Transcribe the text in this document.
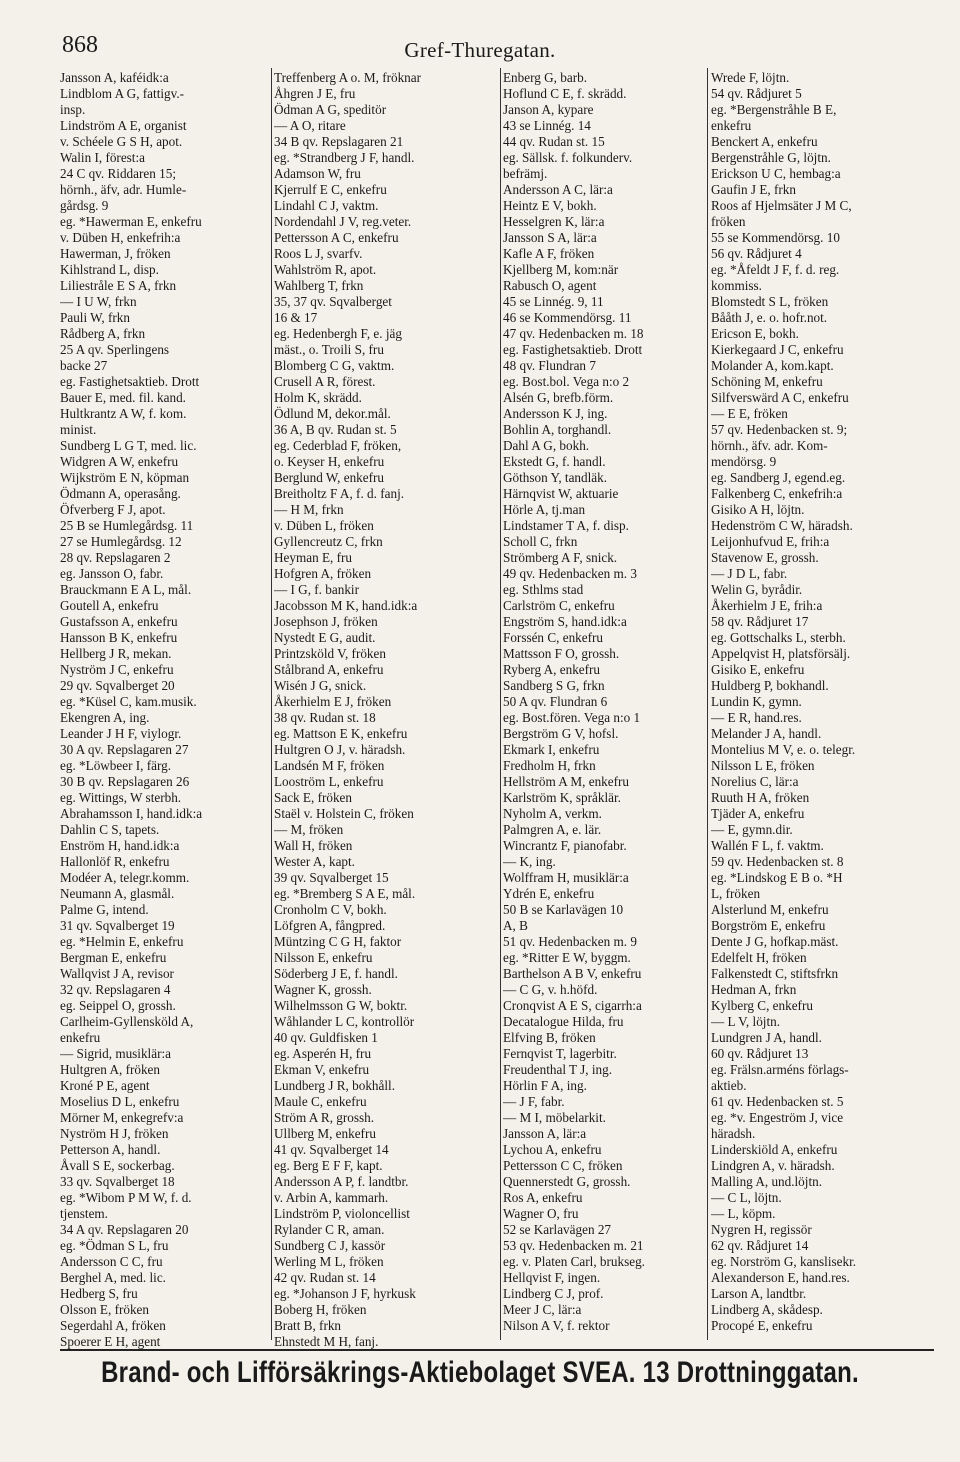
868	Gref-Thuregatan.
Jansson A, kaféidk:a
Lindblom A G, fattigv.-
insp.
Lindström A E, organist
v. Schéele G S H, apot.
Walin I, förest:a
24 C qv. Riddaren 15;
hörnh., äfv, adr. Humle-
gårdsg. 9
eg. *Hawerman E, enkefru
v. Düben H, enkefrih:a
Hawerman, J, fröken
Kihlstrand L, disp.
Liliestråle E S A, frkn
— I U W, frkn
Pauli W, frkn
Rådberg A, frkn
25 A qv. Sperlingens
backe 27
eg. Fastighetsaktieb. Drott
Bauer E, med. fil. kand.
Hultkrantz A W, f. kom.
minist.
Sundberg L G T, med. lic.
Widgren A W, enkefru
Wijkström E N, köpman
Ödmann A, operasång.
Öfverberg F J, apot.
25 B se Humlegårdsg. 11
27 se Humlegårdsg. 12
28 qv. Repslagaren 2
eg. Jansson O, fabr.
Brauckmann E A L, mål.
Goutell A, enkefru
Gustafsson A, enkefru
Hansson B K, enkefru
Hellberg J R, mekan.
Nyström J C, enkefru
29 qv. Sqvalberget 20
eg. *Küsel C, kam.musik.
Ekengren A, ing.
Leander J H F, viylogr.
30 A qv. Repslagaren 27
eg. *Löwbeer I, färg.
30 B qv. Repslagaren 26
eg. Wittings, W sterbh.
Abrahamsson I, hand.idk:a
Dahlin C S, tapets.
Enström H, hand.idk:a
Hallonlöf R, enkefru
Modéer A, telegr.komm.
Neumann A, glasmål.
Palme G, intend.
31 qv. Sqvalberget 19
eg. *Helmin E, enkefru
Bergman E, enkefru
Wallqvist J A, revisor
32 qv. Repslagaren 4
eg. Seippel O, grossh.
Carlheim-Gyllensköld A,
enkefru
— Sigrid, musiklär:a
Hultgren A, fröken
Kroné P E, agent
Moselius D L, enkefru
Mörner M, enkegrefv:a
Nyström H J, fröken
Petterson A, handl.
Åvall S E, sockerbag.
33 qv. Sqvalberget 18
eg. *Wibom P M W, f. d.
tjenstem.
34 A qv. Repslagaren 20
eg. *Ödman S L, fru
Andersson C C, fru
Berghel A, med. lic.
Hedberg S, fru
Olsson E, fröken
Segerdahl A, fröken
Spoerer E H, agent
Treffenberg A o. M, fröknar
Åhgren J E, fru
Ödman A G, speditör
— A O, ritare
34 B qv. Repslagaren 21
eg. *Strandberg J F, handl.
Adamson W, fru
Kjerrulf E C, enkefru
Lindahl C J, vaktm.
Nordendahl J V, reg.veter.
Pettersson A C, enkefru
Roos L J, svarfv.
Wahlström R, apot.
Wahlberg T, frkn
35, 37 qv. Sqvalberget
16 & 17
eg. Hedenbergh F, e. jäg
mäst., o. Troili S, fru
Blomberg C G, vaktm.
Crusell A R, förest.
Holm K, skrädd.
Ödlund M, dekor.mål.
36 A, B qv. Rudan st. 5
eg. Cederblad F, fröken,
o. Keyser H, enkefru
Berglund W, enkefru
Breitholtz F A, f. d. fanj.
— H M, frkn
v. Düben L, fröken
Gyllencreutz C, frkn
Heyman E, fru
Hofgren A, fröken
— I G, f. bankir
Jacobsson M K, hand.idk:a
Josephson J, fröken
Nystedt E G, audit.
Printzsköld V, fröken
Stålbrand A, enkefru
Wisén J G, snick.
Åkerhielm E J, fröken
38 qv. Rudan st. 18
eg. Mattson E K, enkefru
Hultgren O J, v. häradsh.
Landsén M F, fröken
Looström L, enkefru
Sack E, fröken
Staël v. Holstein C, fröken
— M, fröken
Wall H, fröken
Wester A, kapt.
39 qv. Sqvalberget 15
eg. *Bremberg S A E, mål.
Cronholm C V, bokh.
Löfgren A, fångpred.
Müntzing C G H, faktor
Nilsson E, enkefru
Söderberg J E, f. handl.
Wagner K, grossh.
Wilhelmsson G W, boktr.
Wåhlander L C, kontrollör
40 qv. Guldfisken 1
eg. Asperén H, fru
Ekman V, enkefru
Lundberg J R, bokhåll.
Maule C, enkefru
Ström A R, grossh.
Ullberg M, enkefru
41 qv. Sqvalberget 14
eg. Berg E F F, kapt.
Andersson A P, f. landtbr.
v. Arbin A, kammarh.
Lindström P, violoncellist
Rylander C R, aman.
Sundberg C J, kassör
Werling M L, fröken
42 qv. Rudan st. 14
eg. *Johanson J F, hyrkusk
Boberg H, fröken
Bratt B, frkn
Ehnstedt M H, fanj.
Enberg G, barb.
Hoflund C E, f. skrädd.
Janson A, kypare
43 se Linnég. 14
44 qv. Rudan st. 15
eg. Sällsk. f. folkunderv.
befrämj.
Andersson A C, lär:a
Heintz E V, bokh.
Hesselgren K, lär:a
Jansson S A, lär:a
Kafle A F, fröken
Kjellberg M, kom:när
Rabusch O, agent
45 se Linnég. 9, 11
46 se Kommendörsg. 11
47 qv. Hedenbacken m. 18
eg. Fastighetsaktieb. Drott
48 qv. Flundran 7
eg. Bost.bol. Vega n:o 2
Alsén G, brefb.förm.
Andersson K J, ing.
Bohlin A, torghandl.
Dahl A G, bokh.
Ekstedt G, f. handl.
Göthson Y, tandläk.
Härnqvist W, aktuarie
Hörle A, tj.man
Lindstamer T A, f. disp.
Scholl C, frkn
Strömberg A F, snick.
49 qv. Hedenbacken m. 3
eg. Sthlms stad
Carlström C, enkefru
Engström S, hand.idk:a
Forssén C, enkefru
Mattsson F O, grossh.
Ryberg A, enkefru
Sandberg S G, frkn
50 A qv. Flundran 6
eg. Bost.fören. Vega n:o 1
Bergström G V, hofsl.
Ekmark I, enkefru
Fredholm H, frkn
Hellström A M, enkefru
Karlström K, språklär.
Nyholm A, verkm.
Palmgren A, e. lär.
Wincrantz F, pianofabr.
— K, ing.
Wolffram H, musiklär:a
Ydrén E, enkefru
50 B se Karlavägen 10
A, B
51 qv. Hedenbacken m. 9
eg. *Ritter E W, byggm.
Barthelson A B V, enkefru
— C G, v. h.höfd.
Cronqvist A E S, cigarrh:a
Decatalogue Hilda, fru
Elfving B, fröken
Fernqvist T, lagerbitr.
Freudenthal T J, ing.
Hörlin F A, ing.
— J F, fabr.
— M I, möbelarkit.
Jansson A, lär:a
Lychou A, enkefru
Pettersson C C, fröken
Quennerstedt G, grossh.
Ros A, enkefru
Wagner O, fru
52 se Karlavägen 27
53 qv. Hedenbacken m. 21
eg. v. Platen Carl, brukseg.
Hellqvist F, ingen.
Lindberg C J, prof.
Meer J C, lär:a
Nilson A V, f. rektor
Wrede F, löjtn.
54 qv. Rådjuret 5
eg. *Bergenstråhle B E,
enkefru
Benckert A, enkefru
Bergenstråhle G, löjtn.
Erickson U C, hembag:a
Gaufin J E, frkn
Roos af Hjelmsäter J M C,
fröken
55 se Kommendörsg. 10
56 qv. Rådjuret 4
eg. *Åfeldt J F, f. d. reg.
kommiss.
Blomstedt S L, fröken
Bååth J, e. o. hofr.not.
Ericson E, bokh.
Kierkegaard J C, enkefru
Molander A, kom.kapt.
Schöning M, enkefru
Silfverswärd A C, enkefru
— E E, fröken
57 qv. Hedenbacken st. 9;
hörnh., äfv. adr. Kom-
mendörsg. 9
eg. Sandberg J, egend.eg.
Falkenberg C, enkefrih:a
Gisiko A H, löjtn.
Hedenström C W, häradsh.
Leijonhufvud E, frih:a
Stavenow E, grossh.
— J D L, fabr.
Welin G, byrådir.
Åkerhielm J E, frih:a
58 qv. Rådjuret 17
eg. Gottschalks L, sterbh.
Appelqvist H, platsförsälj.
Gisiko E, enkefru
Huldberg P, bokhandl.
Lundin K, gymn.
— E R, hand.res.
Melander J A, handl.
Montelius M V, e. o. telegr.
Nilsson L E, fröken
Norelius C, lär:a
Ruuth H A, fröken
Tjäder A, enkefru
— E, gymn.dir.
Wallén F L, f. vaktm.
59 qv. Hedenbacken st. 8
eg. *Lindskog E B o. *H
L, fröken
Alsterlund M, enkefru
Borgström E, enkefru
Dente J G, hofkap.mäst.
Edelfelt H, fröken
Falkenstedt C, stiftsfrkn
Hedman A, frkn
Kylberg C, enkefru
— L V, löjtn.
Lundgren J A, handl.
60 qv. Rådjuret 13
eg. Frälsn.arméns förlags-
aktieb.
61 qv. Hedenbacken st. 5
eg. *v. Engeström J, vice
häradsh.
Linderskiöld A, enkefru
Lindgren A, v. häradsh.
Malling A, und.löjtn.
— C L, löjtn.
— L, köpm.
Nygren H, regissör
62 qv. Rådjuret 14
eg. Norström G, kanslisekr.
Alexanderson E, hand.res.
Larson A, landtbr.
Lindberg A, skådesp.
Procopé E, enkefru
Brand- och Lifförsäkrings-Aktiebolaget SVEA. 13 Drottninggatan.
